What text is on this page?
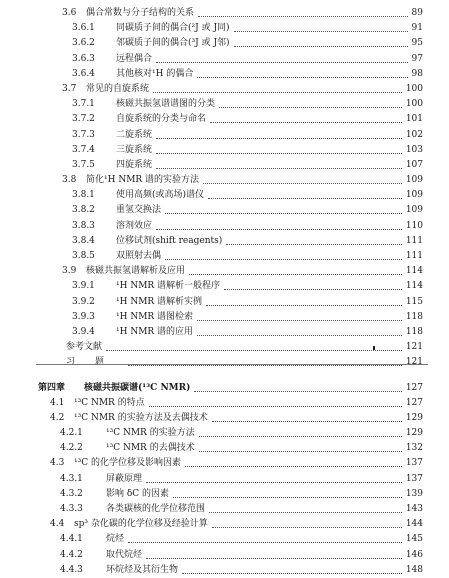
3.6 偶合常数与分子结构的关系	89
3.6.1 同碳质子间的偶合(²J 或 J同)	91
3.6.2 邻碳质子间的偶合(³J 或 J邻)	95
3.6.3 远程偶合	97
3.6.4 其他核对¹H 的偶合	98
3.7 常见的自旋系统	100
3.7.1 核磁共振氢谱谱图的分类	100
3.7.2 自旋系统的分类与命名	101
3.7.3 二旋系统	102
3.7.4 三旋系统	103
3.7.5 四旋系统	107
3.8 简化¹H NMR 谱的实验方法	109
3.8.1 使用高频(或高场)谱仪	109
3.8.2 重氢交换法	109
3.8.3 溶剂效应	110
3.8.4 位移试剂(shift reagents)	111
3.8.5 双照射去偶	111
3.9 核磁共振氢谱解析及应用	114
3.9.1 ¹H NMR 谱解析一般程序	114
3.9.2 ¹H NMR 谱解析实例	115
3.9.3 ¹H NMR 谱图检索	118
3.9.4 ¹H NMR 谱的应用	118
参考文献	121
习题	121
第四章 核磁共振碳谱(¹³C NMR)	127
4.1 ¹³C NMR 的特点	127
4.2 ¹³C NMR 的实验方法及去偶技术	129
4.2.1	¹³C NMR 的实验方法	129
4.2.2	¹³C NMR 的去偶技术	132
4.3 ¹³C 的化学位移及影响因素	137
4.3.1	屏蔽原理	137
4.3.2	影响 δC 的因素	139
4.3.3	各类碳核的化学位移范围	143
4.4 sp³ 杂化碳的化学位移及经验计算	144
4.4.1	烷烃	145
4.4.2	取代烷烃	146
4.4.3	环烷烃及其衍生物	148
